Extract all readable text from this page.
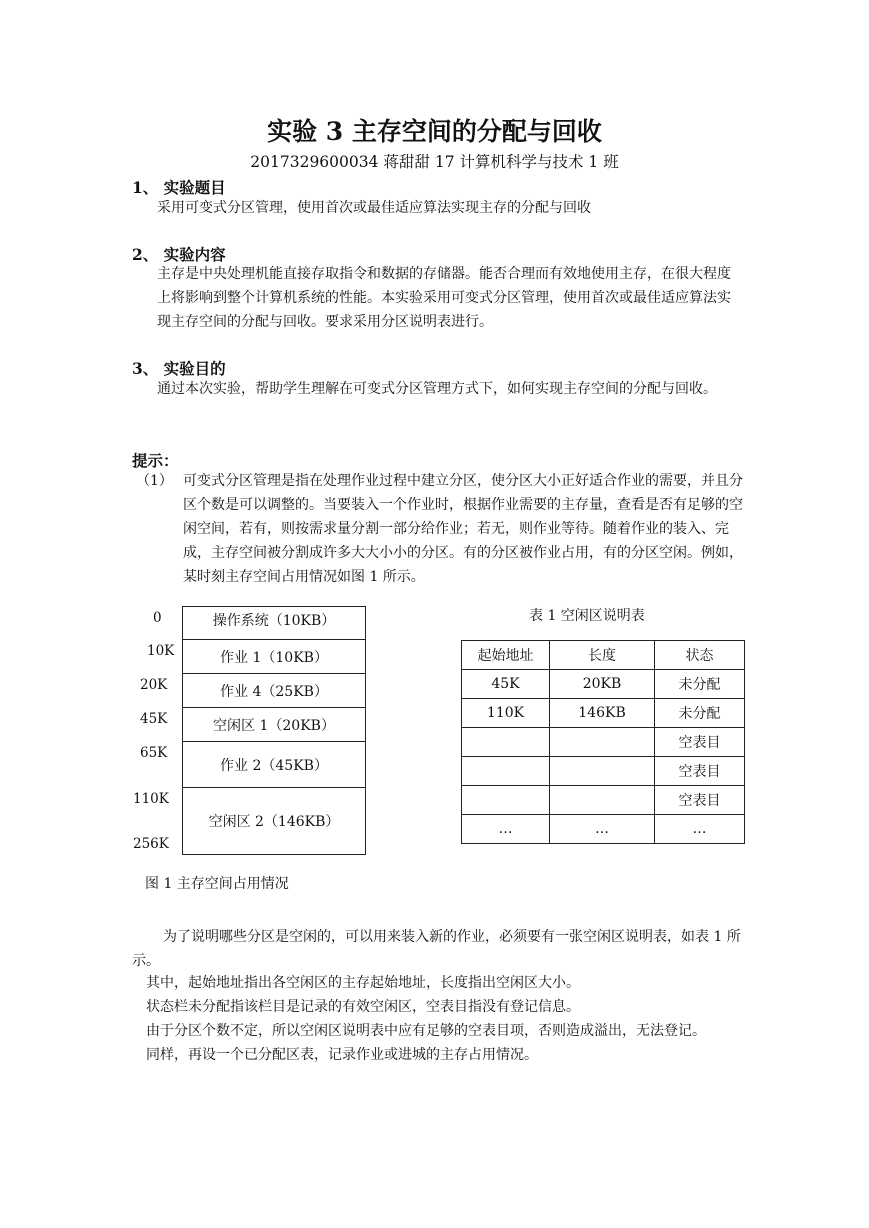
实验 3 主存空间的分配与回收
2017329600034 蒋甜甜 17 计算机科学与技术 1 班
1、 实验题目
采用可变式分区管理，使用首次或最佳适应算法实现主存的分配与回收
2、 实验内容
主存是中央处理机能直接存取指令和数据的存储器。能否合理而有效地使用主存，在很大程度上将影响到整个计算机系统的性能。本实验采用可变式分区管理，使用首次或最佳适应算法实现主存空间的分配与回收。要求采用分区说明表进行。
3、 实验目的
通过本次实验，帮助学生理解在可变式分区管理方式下，如何实现主存空间的分配与回收。
提示：
（1） 可变式分区管理是指在处理作业过程中建立分区，使分区大小正好适合作业的需要，并且分区个数是可以调整的。当要装入一个作业时，根据作业需要的主存量，查看是否有足够的空闲空间，若有，则按需求量分割一部分给作业；若无，则作业等待。随着作业的装入、完成，主存空间被分割成许多大大小小的分区。有的分区被作业占用，有的分区空闲。例如，某时刻主存空间占用情况如图 1 所示。
0
10K
20K
45K
65K
110K
256K
操作系统（10KB）
作业 1（10KB）
作业 4（25KB）
空闲区 1（20KB）
作业 2（45KB）
空闲区 2（146KB）
图 1 主存空间占用情况
表 1 空闲区说明表
起始地址	长度	状态
45K	20KB	未分配
110K	146KB	未分配
		空表目
		空表目
		空表目
…	…	…
为了说明哪些分区是空闲的，可以用来装入新的作业，必须要有一张空闲区说明表，如表 1 所示。
其中，起始地址指出各空闲区的主存起始地址，长度指出空闲区大小。
状态栏未分配指该栏目是记录的有效空闲区，空表目指没有登记信息。
由于分区个数不定，所以空闲区说明表中应有足够的空表目项，否则造成溢出，无法登记。
同样，再设一个已分配区表，记录作业或进城的主存占用情况。
